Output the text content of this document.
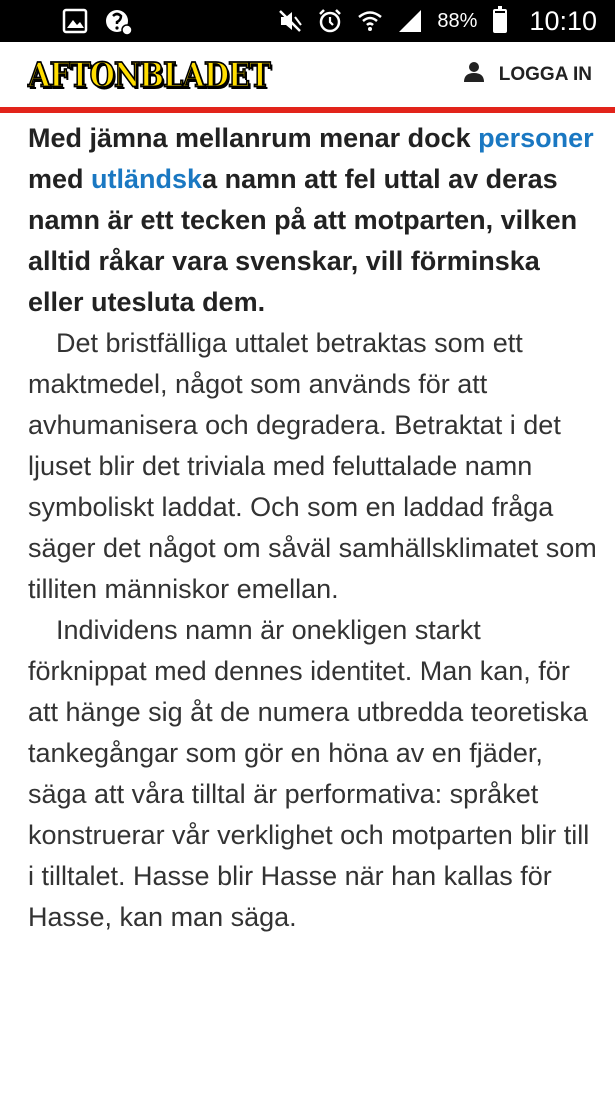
88% 10:10
AFTONBLADET	LOGGA IN

Med jämna mellanrum menar dock personer med utländska namn att fel uttal av deras namn är ett tecken på att motparten, vilken alltid råkar vara svenskar, vill förminska eller utesluta dem.

Det bristfälliga uttalet betraktas som ett maktmedel, något som används för att avhumanisera och degradera. Betraktat i det ljuset blir det triviala med feluttalade namn symboliskt laddat. Och som en laddad fråga säger det något om såväl samhällsklimatet som tilliten människor emellan.

Individens namn är onekligen starkt förknippat med dennes identitet. Man kan, för att hänge sig åt de numera utbredda teoretiska tankegångar som gör en höna av en fjäder, säga att våra tilltal är performativa: språket konstruerar vår verklighet och motparten blir till i tilltalet. Hasse blir Hasse när han kallas för Hasse, kan man säga.
